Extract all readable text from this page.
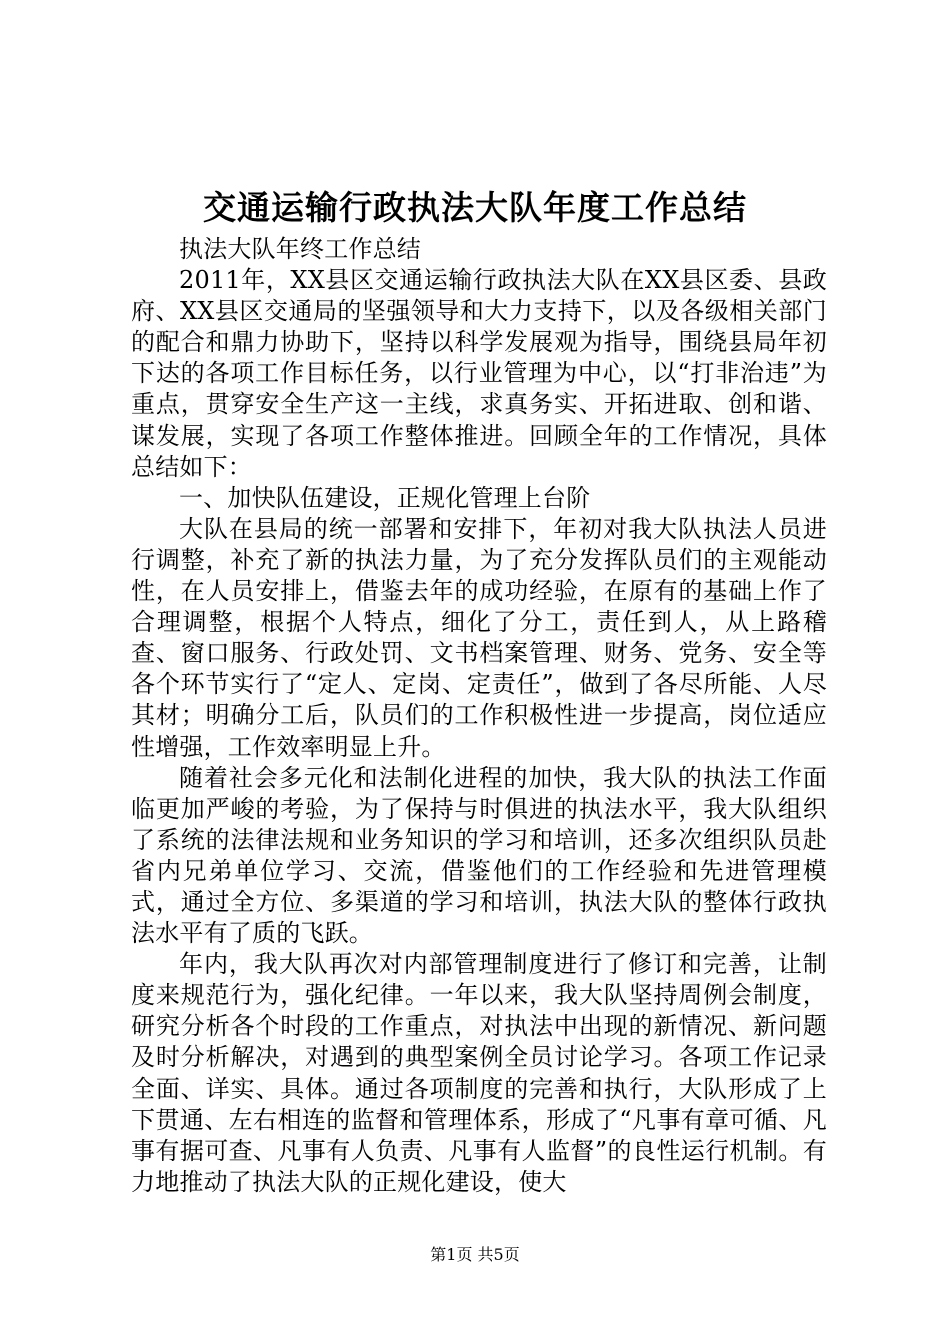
交通运输行政执法大队年度工作总结

执法大队年终工作总结

2011年，XX县区交通运输行政执法大队在XX县区委、县政府、XX县区交通局的坚强领导和大力支持下，以及各级相关部门的配合和鼎力协助下，坚持以科学发展观为指导，围绕县局年初下达的各项工作目标任务，以行业管理为中心，以“打非治违”为重点，贯穿安全生产这一主线，求真务实、开拓进取、创和谐、谋发展，实现了各项工作整体推进。回顾全年的工作情况，具体总结如下：

一、加快队伍建设，正规化管理上台阶

大队在县局的统一部署和安排下，年初对我大队执法人员进行调整，补充了新的执法力量，为了充分发挥队员们的主观能动性，在人员安排上，借鉴去年的成功经验，在原有的基础上作了合理调整，根据个人特点，细化了分工，责任到人，从上路稽查、窗口服务、行政处罚、文书档案管理、财务、党务、安全等各个环节实行了“定人、定岗、定责任”，做到了各尽所能、人尽其材；明确分工后，队员们的工作积极性进一步提高，岗位适应性增强，工作效率明显上升。

随着社会多元化和法制化进程的加快，我大队的执法工作面临更加严峻的考验，为了保持与时俱进的执法水平，我大队组织了系统的法律法规和业务知识的学习和培训，还多次组织队员赴省内兄弟单位学习、交流，借鉴他们的工作经验和先进管理模式，通过全方位、多渠道的学习和培训，执法大队的整体行政执法水平有了质的飞跃。

年内，我大队再次对内部管理制度进行了修订和完善，让制度来规范行为，强化纪律。一年以来，我大队坚持周例会制度，研究分析各个时段的工作重点，对执法中出现的新情况、新问题及时分析解决，对遇到的典型案例全员讨论学习。各项工作记录全面、详实、具体。通过各项制度的完善和执行，大队形成了上下贯通、左右相连的监督和管理体系，形成了“凡事有章可循、凡事有据可查、凡事有人负责、凡事有人监督”的良性运行机制。有力地推动了执法大队的正规化建设，使大

第1页 共5页
